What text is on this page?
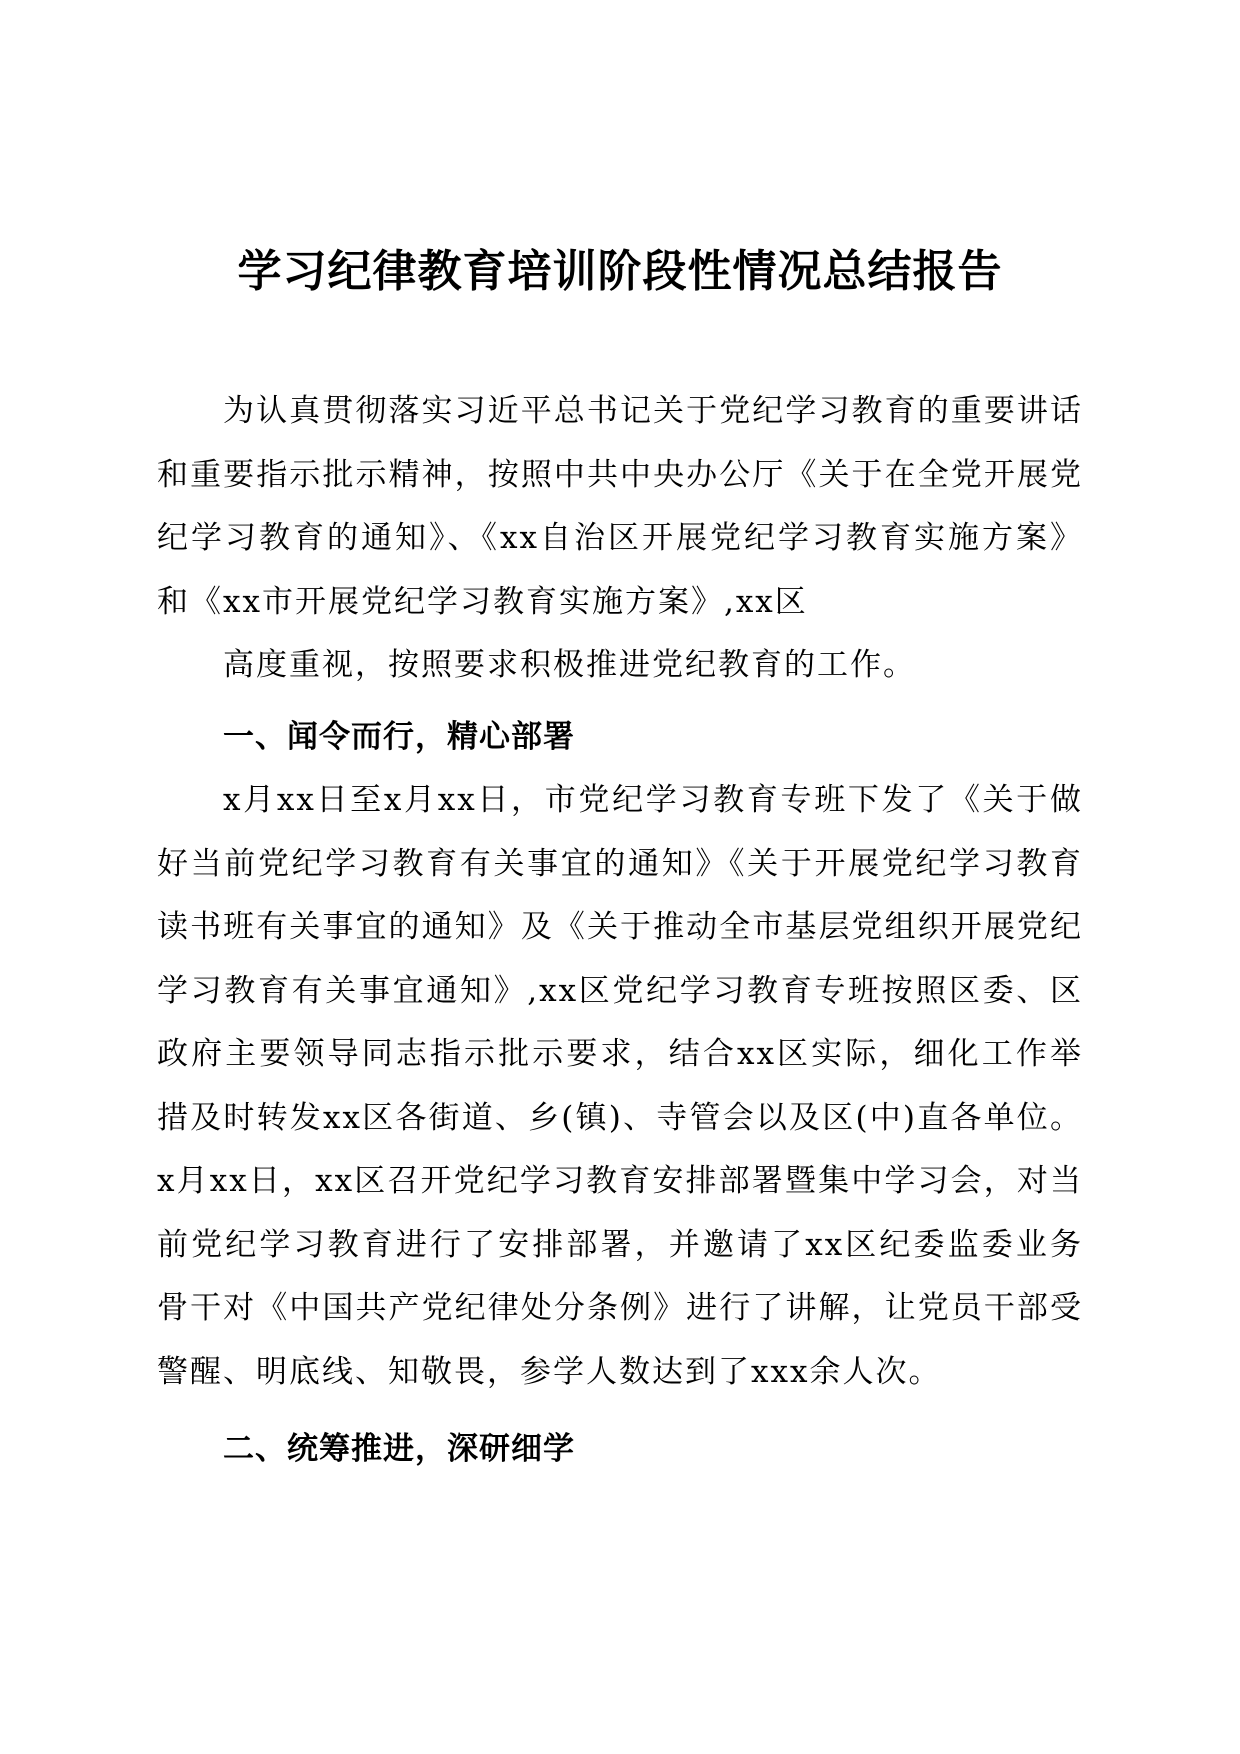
学习纪律教育培训阶段性情况总结报告

为认真贯彻落实习近平总书记关于党纪学习教育的重要讲话和重要指示批示精神，按照中共中央办公厅《关于在全党开展党纪学习教育的通知》、《xx自治区开展党纪学习教育实施方案》和《xx市开展党纪学习教育实施方案》,xx区

高度重视，按照要求积极推进党纪教育的工作。

一、闻令而行，精心部署

x月xx日至x月xx日，市党纪学习教育专班下发了《关于做好当前党纪学习教育有关事宜的通知》《关于开展党纪学习教育读书班有关事宜的通知》及《关于推动全市基层党组织开展党纪学习教育有关事宜通知》,xx区党纪学习教育专班按照区委、区政府主要领导同志指示批示要求，结合xx区实际，细化工作举措及时转发xx区各街道、乡(镇)、寺管会以及区(中)直各单位。x月xx日，xx区召开党纪学习教育安排部署暨集中学习会，对当前党纪学习教育进行了安排部署，并邀请了xx区纪委监委业务骨干对《中国共产党纪律处分条例》进行了讲解，让党员干部受警醒、明底线、知敬畏，参学人数达到了xxx余人次。

二、统筹推进，深研细学
